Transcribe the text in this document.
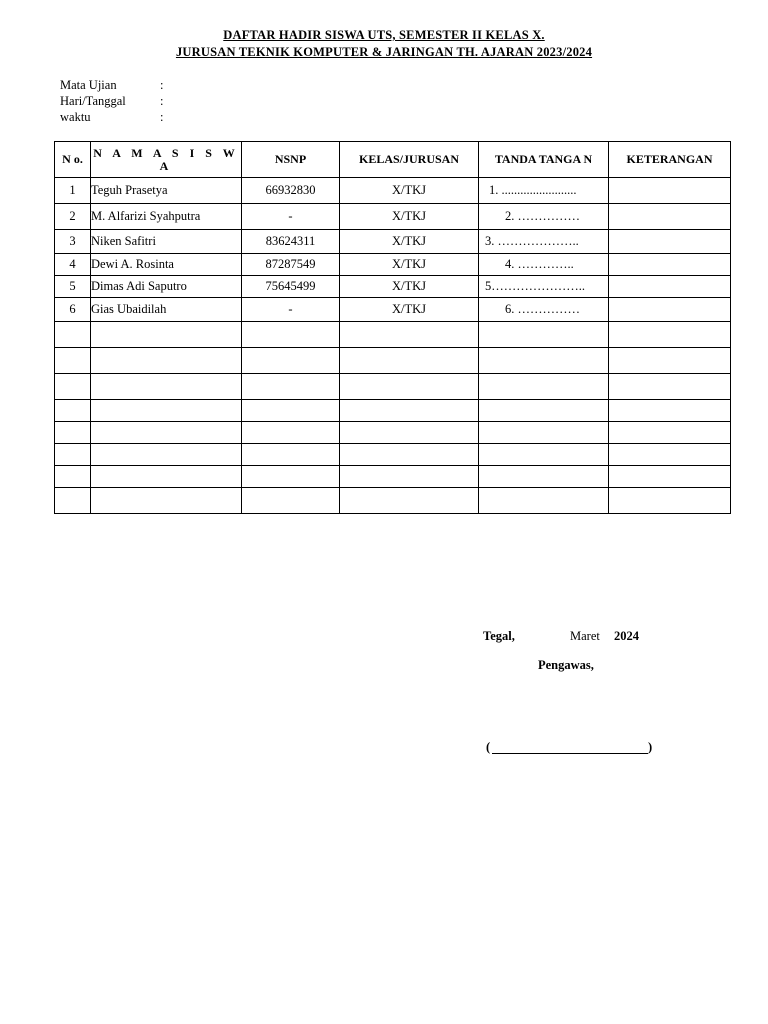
DAFTAR HADIR SISWA UTS, SEMESTER II KELAS X.
JURUSAN TEKNIK KOMPUTER & JARINGAN TH. AJARAN 2023/2024
Mata Ujian	:
Hari/Tanggal	:
waktu	:
N o.	N A M A S I S W A	NSNP	KELAS/JURUSAN	TANDA TANGA N	KETERANGAN
1	Teguh Prasetya	66932830	X/TKJ	1. ........................	
2	M. Alfarizi Syahputra	-	X/TKJ	2. ……………	
3	Niken Safitri	83624311	X/TKJ	3. ………………..	
4	Dewi A. Rosinta	87287549	X/TKJ	4. …………..	
5	Dimas Adi Saputro	75645499	X/TKJ	5…………………..	
6	Gias Ubaidilah	-	X/TKJ	6. ……………	

Tegal,	Maret 2024
Pengawas,
(	)
